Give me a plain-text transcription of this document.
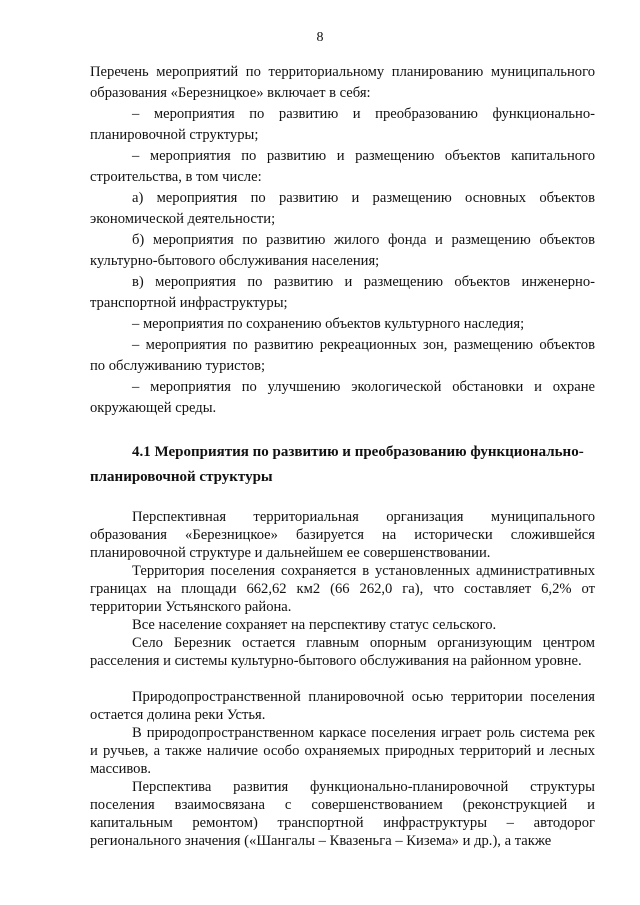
8

Перечень мероприятий по территориальному планированию муниципального образования «Березницкое» включает в себя:

– мероприятия по развитию и преобразованию функционально-планировочной структуры;

– мероприятия по развитию и размещению объектов капитального строительства, в том числе:

а) мероприятия по развитию и размещению основных объектов экономической деятельности;

б) мероприятия по развитию жилого фонда и размещению объектов культурно-бытового обслуживания населения;

в) мероприятия по развитию и размещению объектов инженерно-транспортной инфраструктуры;

– мероприятия по сохранению объектов культурного наследия;

– мероприятия по развитию рекреационных зон, размещению объектов по обслуживанию туристов;

– мероприятия по улучшению экологической обстановки и охране окружающей среды.

4.1 Мероприятия по развитию и преобразованию функционально-планировочной структуры

Перспективная территориальная организация муниципального образования «Березницкое» базируется на исторически сложившейся планировочной структуре и дальнейшем ее совершенствовании.

Территория поселения сохраняется в установленных административных границах на площади 662,62 км2 (66 262,0 га), что составляет 6,2% от территории Устьянского района.

Все население сохраняет на перспективу статус сельского.

Село Березник остается главным опорным организующим центром расселения и системы культурно-бытового обслуживания на районном уровне.

Природопространственной планировочной осью территории поселения остается долина реки Устья.

В природопространственном каркасе поселения играет роль система рек и ручьев, а также наличие особо охраняемых природных территорий и лесных массивов.

Перспектива развития функционально-планировочной структуры поселения взаимосвязана с совершенствованием (реконструкцией и капитальным ремонтом) транспортной инфраструктуры – автодорог регионального значения («Шангалы – Квазеньга – Кизема» и др.), а также
